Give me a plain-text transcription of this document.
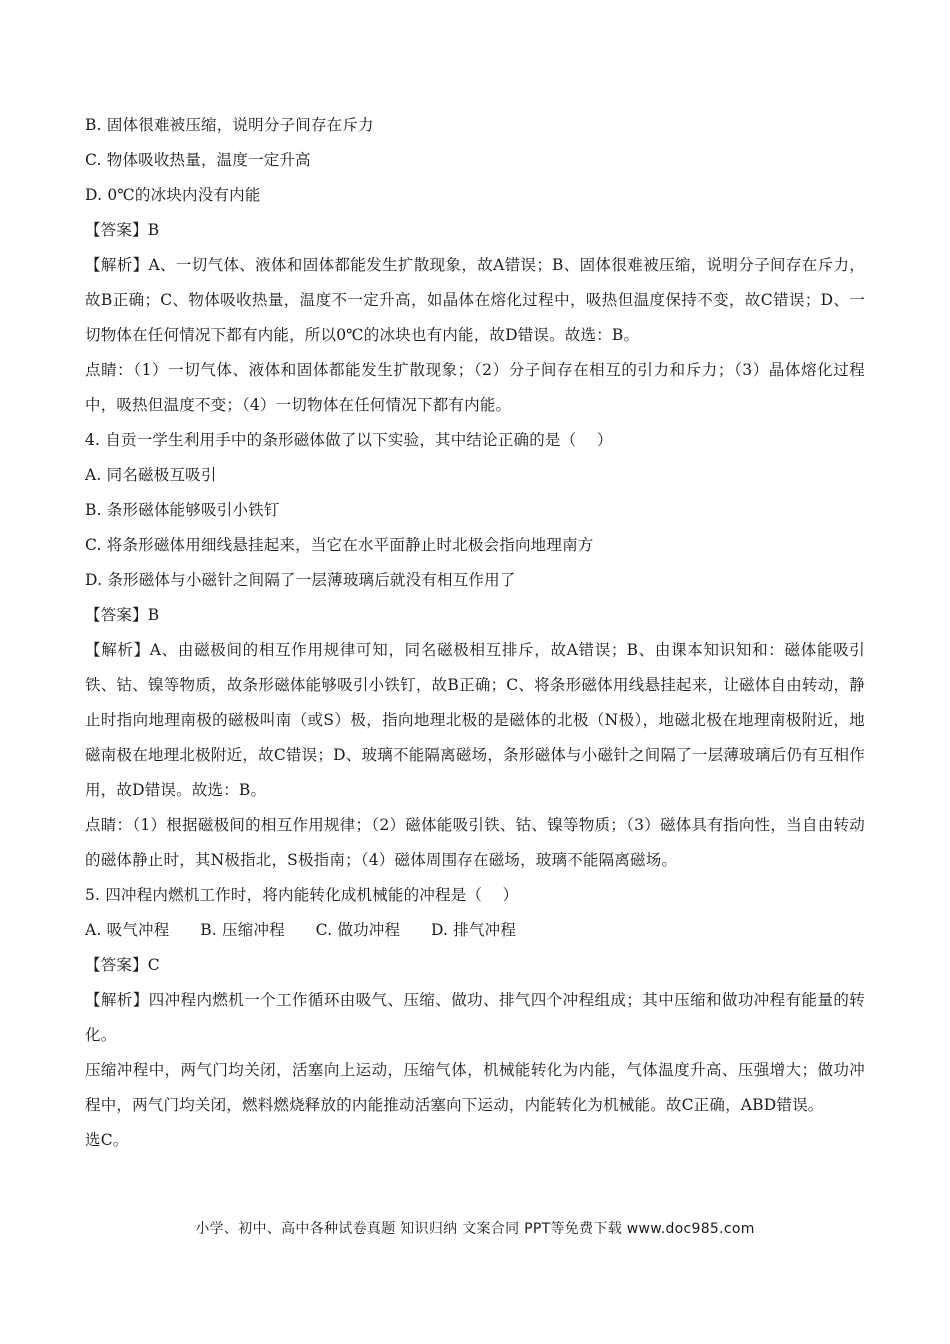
B. 固体很难被压缩，说明分子间存在斥力
C. 物体吸收热量，温度一定升高
D. 0℃的冰块内没有内能
【答案】B
【解析】A、一切气体、液体和固体都能发生扩散现象，故A错误；B、固体很难被压缩，说明分子间存在斥力，故B正确；C、物体吸收热量，温度不一定升高，如晶体在熔化过程中，吸热但温度保持不变，故C错误；D、一切物体在任何情况下都有内能，所以0℃的冰块也有内能，故D错误。故选：B。
点睛：（1）一切气体、液体和固体都能发生扩散现象；（2）分子间存在相互的引力和斥力；（3）晶体熔化过程中，吸热但温度不变；（4）一切物体在任何情况下都有内能。
4. 自贡一学生利用手中的条形磁体做了以下实验，其中结论正确的是（    ）
A. 同名磁极互吸引
B. 条形磁体能够吸引小铁钉
C. 将条形磁体用细线悬挂起来，当它在水平面静止时北极会指向地理南方
D. 条形磁体与小磁针之间隔了一层薄玻璃后就没有相互作用了
【答案】B
【解析】A、由磁极间的相互作用规律可知，同名磁极相互排斥，故A错误；B、由课本知识知和：磁体能吸引铁、钴、镍等物质，故条形磁体能够吸引小铁钉，故B正确；C、将条形磁体用线悬挂起来，让磁体自由转动，静止时指向地理南极的磁极叫南（或S）极，指向地理北极的是磁体的北极（N极），地磁北极在地理南极附近，地磁南极在地理北极附近，故C错误；D、玻璃不能隔离磁场，条形磁体与小磁针之间隔了一层薄玻璃后仍有互相作用，故D错误。故选：B。
点睛：（1）根据磁极间的相互作用规律；（2）磁体能吸引铁、钴、镍等物质；（3）磁体具有指向性，当自由转动的磁体静止时，其N极指北，S极指南；（4）磁体周围存在磁场，玻璃不能隔离磁场。
5. 四冲程内燃机工作时，将内能转化成机械能的冲程是（    ）
A. 吸气冲程      B. 压缩冲程      C. 做功冲程      D. 排气冲程
【答案】C
【解析】四冲程内燃机一个工作循环由吸气、压缩、做功、排气四个冲程组成；其中压缩和做功冲程有能量的转化。
压缩冲程中，两气门均关闭，活塞向上运动，压缩气体，机械能转化为内能，气体温度升高、压强增大；做功冲程中，两气门均关闭，燃料燃烧释放的内能推动活塞向下运动，内能转化为机械能。故C正确，ABD错误。
选C。
小学、初中、高中各种试卷真题 知识归纳 文案合同 PPT等免费下载 www.doc985.com
